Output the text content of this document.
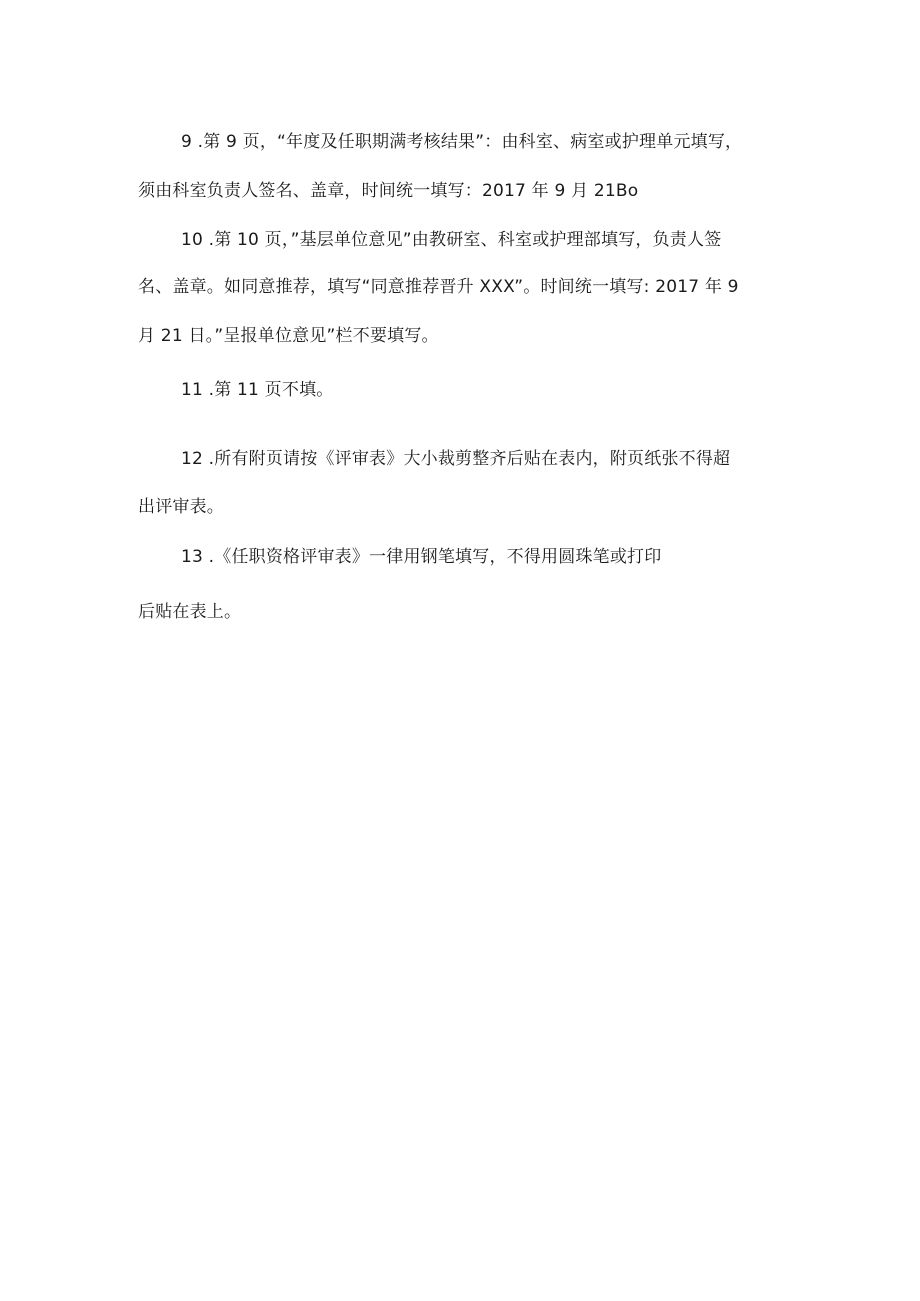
9 .第 9 页，“年度及任职期满考核结果”：由科室、病室或护理单元填写，
须由科室负责人签名、盖章，时间统一填写：2017 年 9 月 21Bo
10 .第 10 页，”基层单位意见”由教研室、科室或护理部填写，负责人签
名、盖章。如同意推荐，填写“同意推荐晋升 XXX”。时间统一填写: 2017 年 9
月 21 日。”呈报单位意见”栏不要填写。
11 .第 11 页不填。
12 .所有附页请按《评审表》大小裁剪整齐后贴在表内，附页纸张不得超
出评审表。
13 .《任职资格评审表》一律用钢笔填写，不得用圆珠笔或打印
后贴在表上。
